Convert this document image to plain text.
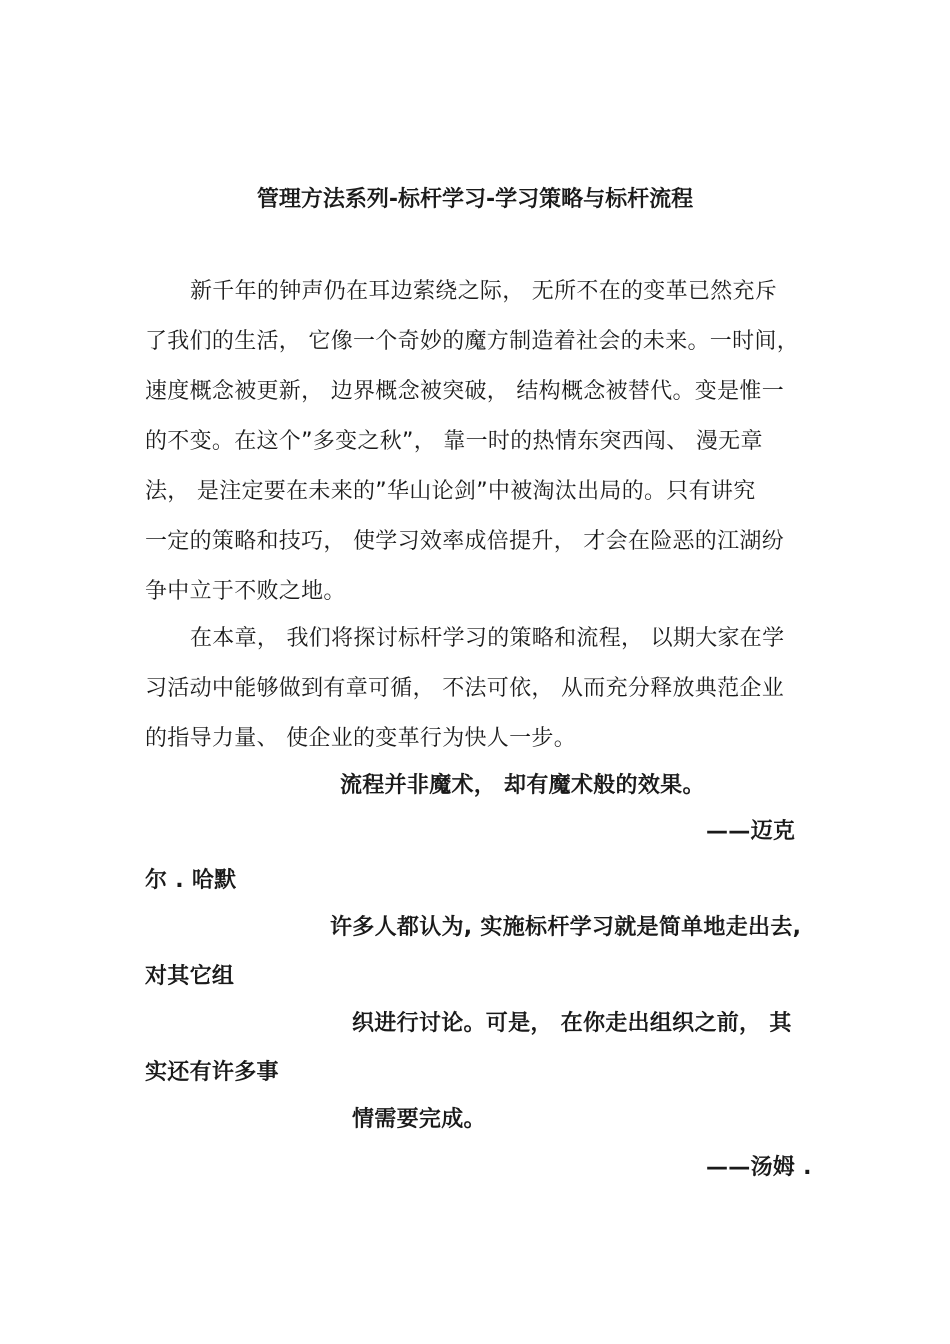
管理方法系列-标杆学习-学习策略与标杆流程
新千年的钟声仍在耳边萦绕之际， 无所不在的变革已然充斥
了我们的生活， 它像一个奇妙的魔方制造着社会的未来。一时间，
速度概念被更新， 边界概念被突破， 结构概念被替代。变是惟一
的不变。在这个”多变之秋”， 靠一时的热情东突西闯、 漫无章
法， 是注定要在未来的”华山论剑”中被淘汰出局的。只有讲究
一定的策略和技巧， 使学习效率成倍提升， 才会在险恶的江湖纷
争中立于不败之地。
在本章， 我们将探讨标杆学习的策略和流程， 以期大家在学
习活动中能够做到有章可循， 不法可依， 从而充分释放典范企业
的指导力量、 使企业的变革行为快人一步。
流程并非魔术， 却有魔术般的效果。
——迈克
尔 . 哈默
许多人都认为, 实施标杆学习就是简单地走出去,
对其它组
织进行讨论。可是， 在你走出组织之前， 其
实还有许多事
情需要完成。
——汤姆 .
